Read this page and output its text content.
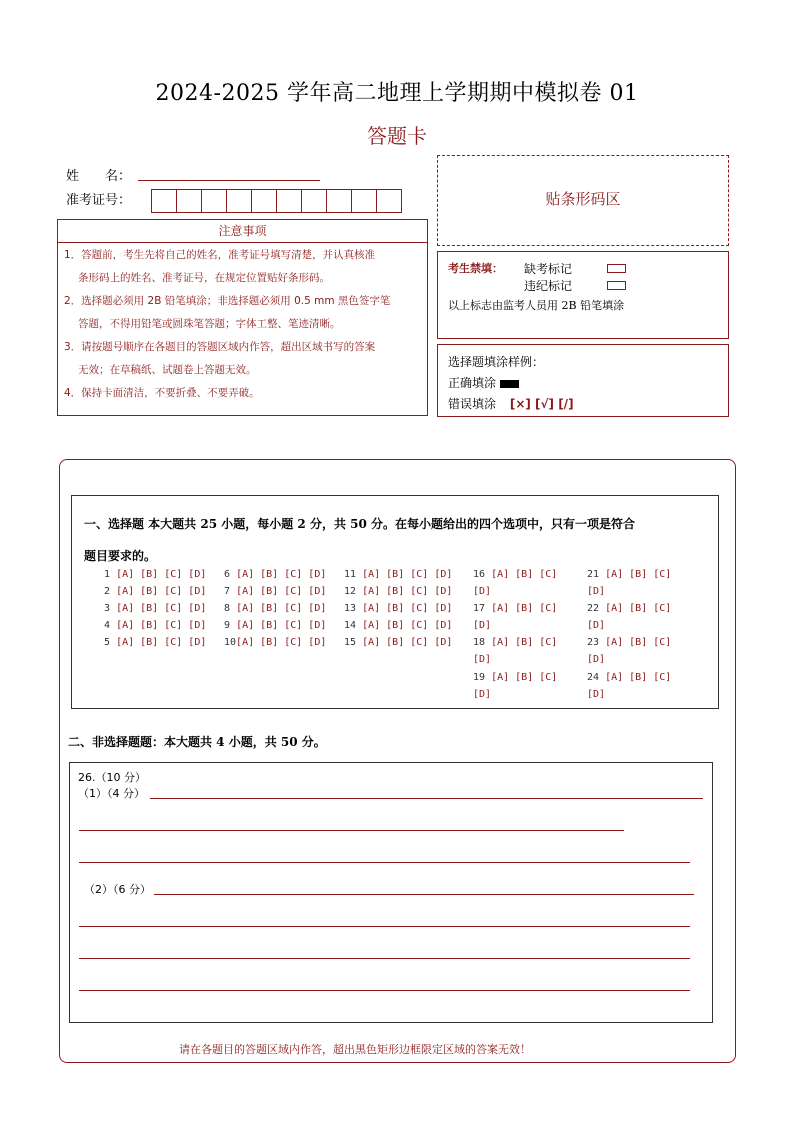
2024-2025 学年高二地理上学期期中模拟卷 01
答题卡
姓　　名：
准考证号：
注意事项
1．答题前，考生先将自己的姓名，准考证号填写清楚，并认真核准
条形码上的姓名、准考证号，在规定位置贴好条形码。
2．选择题必须用 2B 铅笔填涂；非选择题必须用 0.5 mm 黑色签字笔
答题，不得用铅笔或圆珠笔答题；字体工整、笔迹清晰。
3．请按题号顺序在各题目的答题区域内作答，超出区域书写的答案
无效；在草稿纸、试题卷上答题无效。
4．保持卡面清洁，不要折叠、不要弄破。
贴条形码区
考生禁填： 缺考标记
违纪标记
以上标志由监考人员用 2B 铅笔填涂
选择题填涂样例：
正确填涂
错误填涂 [×] [√] [/]
一、选择题 本大题共 25 小题，每小题 2 分，共 50 分。在每小题给出的四个选项中，只有一项是符合
题目要求的。
1 [A] [B] [C] [D]
2 [A] [B] [C] [D]
3 [A] [B] [C] [D]
4 [A] [B] [C] [D]
5 [A] [B] [C] [D]
6 [A] [B] [C] [D]
7 [A] [B] [C] [D]
8 [A] [B] [C] [D]
9 [A] [B] [C] [D]
10[A] [B] [C] [D]
11 [A] [B] [C] [D]
12 [A] [B] [C] [D]
13 [A] [B] [C] [D]
14 [A] [B] [C] [D]
15 [A] [B] [C] [D]
16 [A] [B] [C]
[D]
17 [A] [B] [C]
[D]
18 [A] [B] [C]
[D]
19 [A] [B] [C]
[D]
21 [A] [B] [C]
[D]
22 [A] [B] [C]
[D]
23 [A] [B] [C]
[D]
24 [A] [B] [C]
[D]
二、非选择题题：本大题共 4 小题，共 50 分。
26.（10 分）
（1）（4 分）
（2）（6 分）
请在各题目的答题区域内作答，超出黑色矩形边框限定区域的答案无效！
